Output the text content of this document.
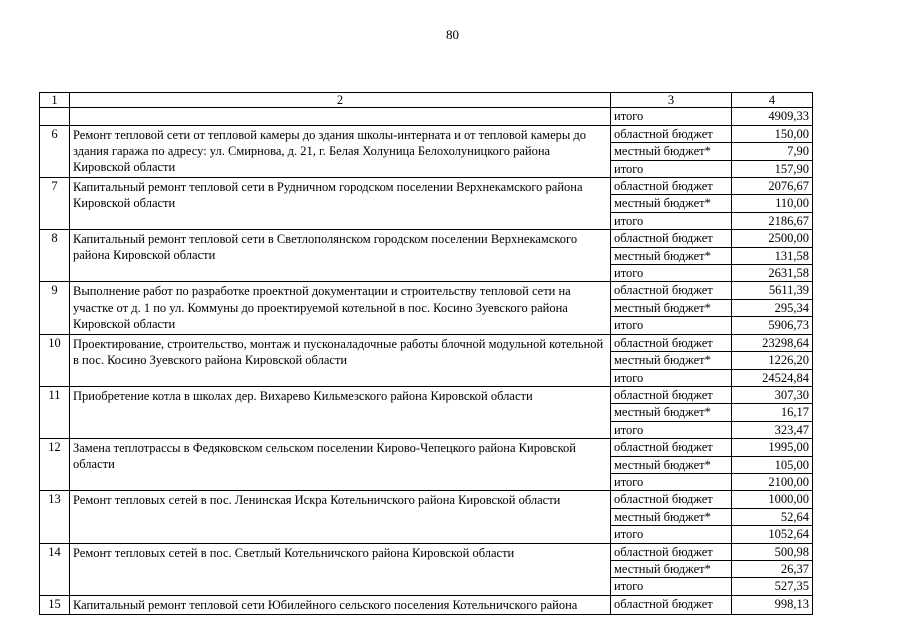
80
1	2	3	4
		итого	4909,33
6	Ремонт тепловой сети от тепловой камеры до здания школы-интерната и от тепловой камеры до здания гаража по адресу: ул. Смирнова, д. 21, г. Белая Холуница Белохолуницкого района Кировской области	областной бюджет	150,00
		местный бюджет*	7,90
		итого	157,90
7	Капитальный ремонт тепловой сети в Рудничном городском поселении Верхнекамского района Кировской области	областной бюджет	2076,67
		местный бюджет*	110,00
		итого	2186,67
8	Капитальный ремонт тепловой сети в Светлополянском городском поселении Верхнекамского района Кировской области	областной бюджет	2500,00
		местный бюджет*	131,58
		итого	2631,58
9	Выполнение работ по разработке проектной документации и строительству тепловой сети на участке от д. 1 по ул. Коммуны до проектируемой котельной в пос. Косино Зуевского района Кировской области	областной бюджет	5611,39
		местный бюджет*	295,34
		итого	5906,73
10	Проектирование, строительство, монтаж и пусконаладочные работы блочной модульной котельной в пос. Косино Зуевского района Кировской области	областной бюджет	23298,64
		местный бюджет*	1226,20
		итого	24524,84
11	Приобретение котла в школах дер. Вихарево Кильмезского района Кировской области	областной бюджет	307,30
		местный бюджет*	16,17
		итого	323,47
12	Замена теплотрассы в Федяковском сельском поселении Кирово-Чепецкого района Кировской области	областной бюджет	1995,00
		местный бюджет*	105,00
		итого	2100,00
13	Ремонт тепловых сетей в пос. Ленинская Искра Котельничского района Кировской области	областной бюджет	1000,00
		местный бюджет*	52,64
		итого	1052,64
14	Ремонт тепловых сетей в пос. Светлый Котельничского района Кировской области	областной бюджет	500,98
		местный бюджет*	26,37
		итого	527,35
15	Капитальный ремонт тепловой сети Юбилейного сельского поселения Котельничского района	областной бюджет	998,13
